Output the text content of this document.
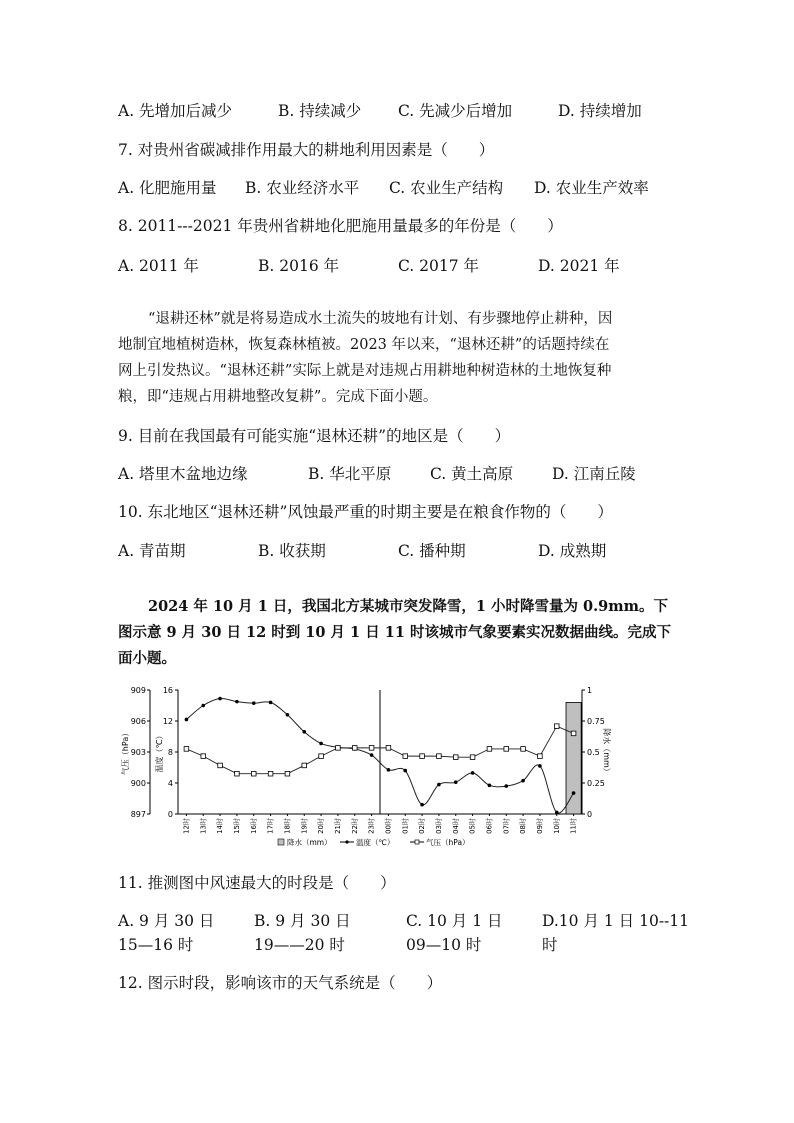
A. 先增加后减少	B. 持续减少 C. 先减少后增加	D. 持续增加
7. 对贵州省碳减排作用最大的耕地利用因素是（　　）
A. 化肥施用量 B. 农业经济水平 C. 农业生产结构 D. 农业生产效率
8. 2011---2021 年贵州省耕地化肥施用量最多的年份是（　　）
A. 2011 年	B. 2016 年	C. 2017 年	D. 2021 年

“退耕还林”就是将易造成水土流失的坡地有计划、有步骤地停止耕种，因

地制宜地植树造林，恢复森林植被。2023 年以来，“退林还耕”的话题持续在

网上引发热议。“退林还耕”实际上就是对违规占用耕地种树造林的土地恢复种

粮，即“违规占用耕地整改复耕”。完成下面小题。

9. 目前在我国最有可能实施“退林还耕”的地区是（　　）
A. 塔里木盆地边缘	B. 华北平原	C. 黄土高原	D. 江南丘陵
10. 东北地区“退林还耕”风蚀最严重的时期主要是在粮食作物的（　　）
A. 青苗期	B. 收获期	C. 播种期	D. 成熟期

2024 年 10 月 1 日，我国北方某城市突发降雪，1 小时降雪量为 0.9mm。下

图示意 9 月 30 日 12 时到 10 月 1 日 11 时该城市气象要素实况数据曲线。完成下

面小题。

897
900
903
906
909
气压（hPa）
0
4
8
12
16
温度（℃）
0
0.25
0.5
0.75
1
降水（mm）
12时 13时 14时 15时 16时 17时 18时 19时 20时 21时 22时 23时 00时 01时 02时 03时 04时 05时 06时 07时 08时 09时 10时 11时
降水（mm）	温度（℃）	气压（hPa）
11. 推测图中风速最大的时段是（　　）
A. 9 月 30 日
15—16 时
B. 9 月 30 日
19——20 时
C. 10 月 1 日
09—10 时
D.10 月 1 日 10--11
时
12. 图示时段，影响该市的天气系统是（　　）
